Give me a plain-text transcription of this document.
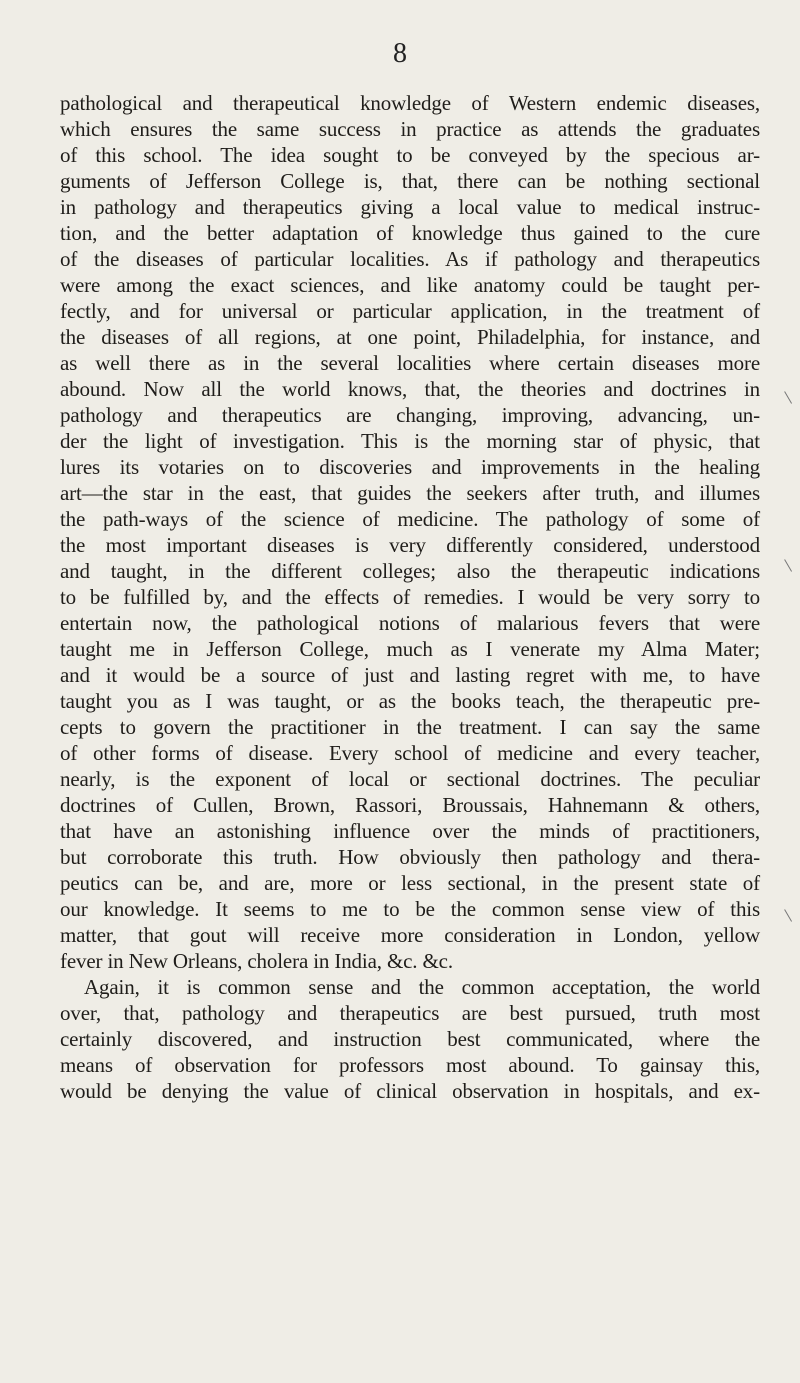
8
pathological and therapeutical knowledge of Western endemic diseases,
which ensures the same success in practice as attends the graduates
of this school. The idea sought to be conveyed by the specious ar-
guments of Jefferson College is, that, there can be nothing sectional
in pathology and therapeutics giving a local value to medical instruc-
tion, and the better adaptation of knowledge thus gained to the cure
of the diseases of particular localities. As if pathology and therapeutics
were among the exact sciences, and like anatomy could be taught per-
fectly, and for universal or particular application, in the treatment of
the diseases of all regions, at one point, Philadelphia, for instance, and
as well there as in the several localities where certain diseases more
abound. Now all the world knows, that, the theories and doctrines in
pathology and therapeutics are changing, improving, advancing, un-
der the light of investigation. This is the morning star of physic, that
lures its votaries on to discoveries and improvements in the healing
art—the star in the east, that guides the seekers after truth, and illumes
the path-ways of the science of medicine. The pathology of some of
the most important diseases is very differently considered, understood
and taught, in the different colleges; also the therapeutic indications
to be fulfilled by, and the effects of remedies. I would be very sorry to
entertain now, the pathological notions of malarious fevers that were
taught me in Jefferson College, much as I venerate my Alma Mater;
and it would be a source of just and lasting regret with me, to have
taught you as I was taught, or as the books teach, the therapeutic pre-
cepts to govern the practitioner in the treatment. I can say the same
of other forms of disease. Every school of medicine and every teacher,
nearly, is the exponent of local or sectional doctrines. The peculiar
doctrines of Cullen, Brown, Rassori, Broussais, Hahnemann & others,
that have an astonishing influence over the minds of practitioners,
but corroborate this truth. How obviously then pathology and thera-
peutics can be, and are, more or less sectional, in the present state of
our knowledge. It seems to me to be the common sense view of this
matter, that gout will receive more consideration in London, yellow
fever in New Orleans, cholera in India, &c. &c.
Again, it is common sense and the common acceptation, the world
over, that, pathology and therapeutics are best pursued, truth most
certainly discovered, and instruction best communicated, where the
means of observation for professors most abound. To gainsay this,
would be denying the value of clinical observation in hospitals, and ex-
